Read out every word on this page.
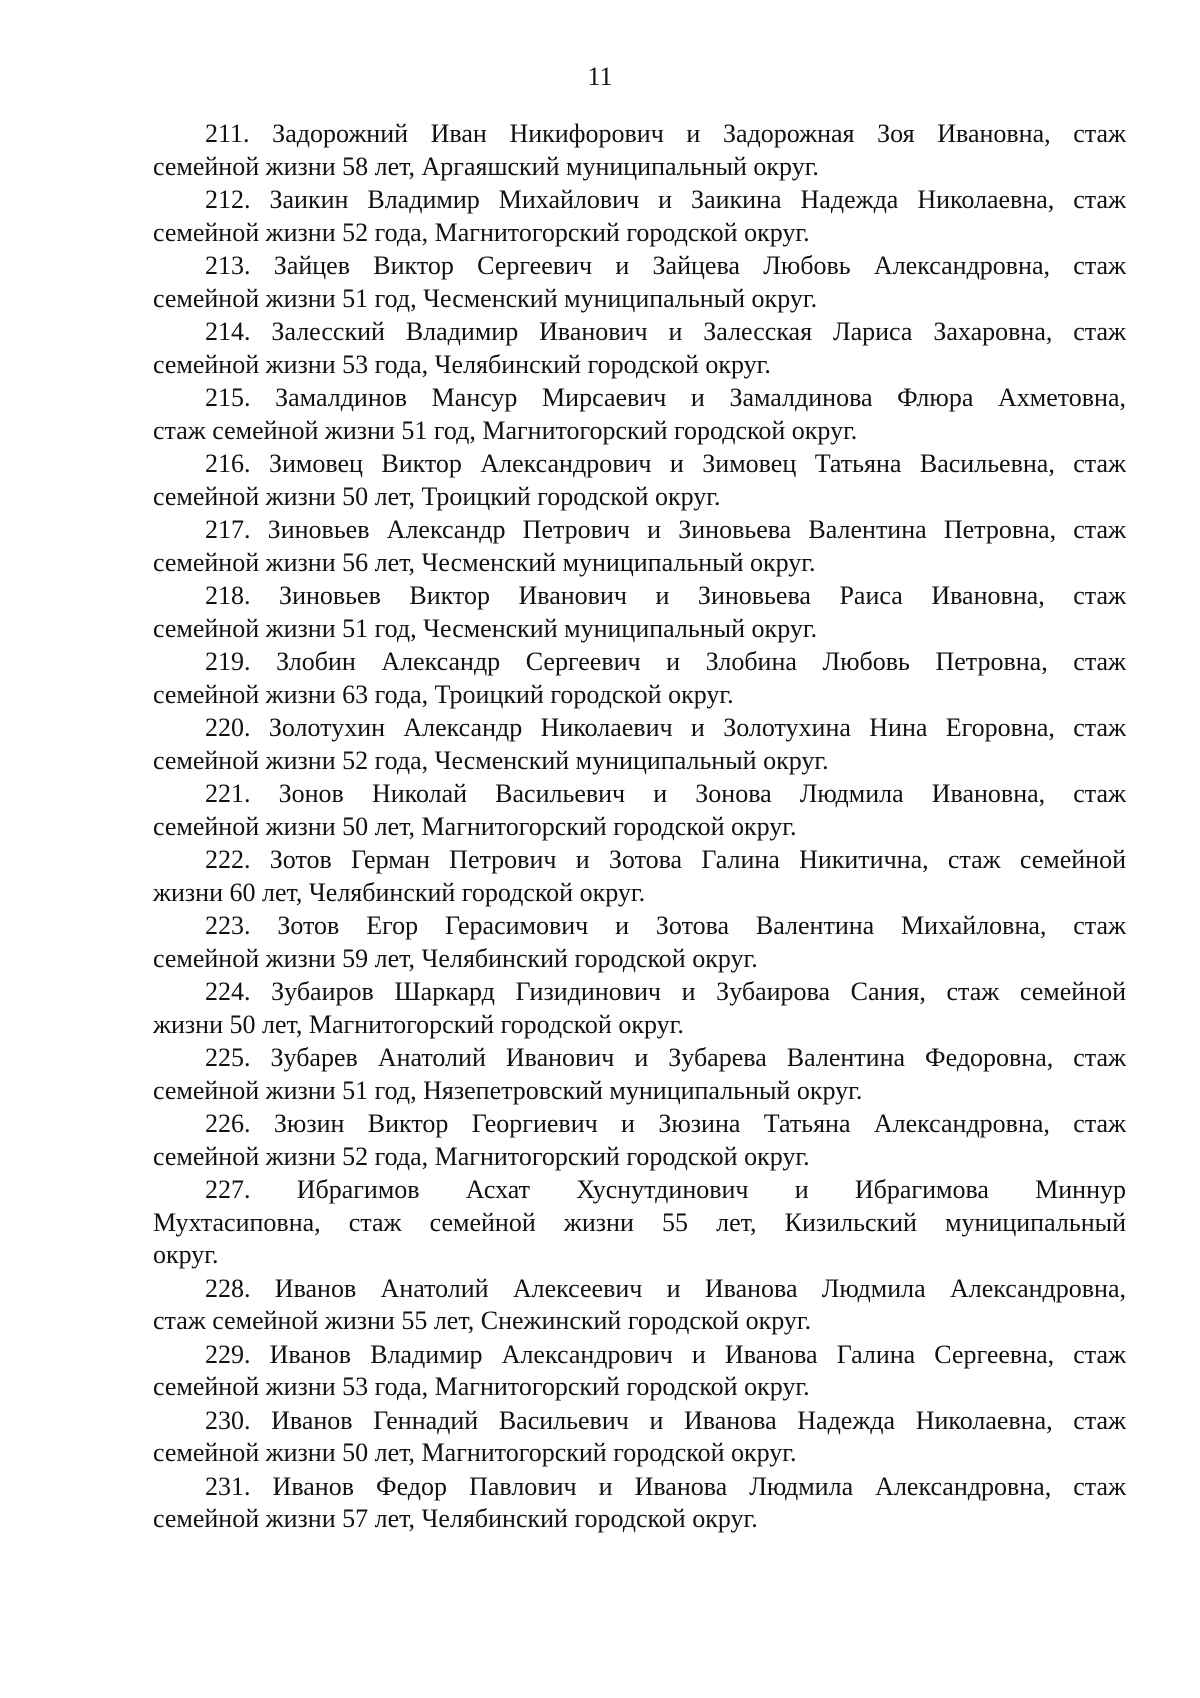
11
211. Задорожний Иван Никифорович и Задорожная Зоя Ивановна, стаж
семейной жизни 58 лет, Аргаяшский муниципальный округ.
212. Заикин Владимир Михайлович и Заикина Надежда Николаевна, стаж
семейной жизни 52 года, Магнитогорский городской округ.
213. Зайцев Виктор Сергеевич и Зайцева Любовь Александровна, стаж
семейной жизни 51 год, Чесменский муниципальный округ.
214. Залесский Владимир Иванович и Залесская Лариса Захаровна, стаж
семейной жизни 53 года, Челябинский городской округ.
215. Замалдинов Мансур Мирсаевич и Замалдинова Флюра Ахметовна,
стаж семейной жизни 51 год, Магнитогорский городской округ.
216. Зимовец Виктор Александрович и Зимовец Татьяна Васильевна, стаж
семейной жизни 50 лет, Троицкий городской округ.
217. Зиновьев Александр Петрович и Зиновьева Валентина Петровна, стаж
семейной жизни 56 лет, Чесменский муниципальный округ.
218. Зиновьев Виктор Иванович и Зиновьева Раиса Ивановна, стаж
семейной жизни 51 год, Чесменский муниципальный округ.
219. Злобин Александр Сергеевич и Злобина Любовь Петровна, стаж
семейной жизни 63 года, Троицкий городской округ.
220. Золотухин Александр Николаевич и Золотухина Нина Егоровна, стаж
семейной жизни 52 года, Чесменский муниципальный округ.
221. Зонов Николай Васильевич и Зонова Людмила Ивановна, стаж
семейной жизни 50 лет, Магнитогорский городской округ.
222. Зотов Герман Петрович и Зотова Галина Никитична, стаж семейной
жизни 60 лет, Челябинский городской округ.
223. Зотов Егор Герасимович и Зотова Валентина Михайловна, стаж
семейной жизни 59 лет, Челябинский городской округ.
224. Зубаиров Шаркард Гизидинович и Зубаирова Сания, стаж семейной
жизни 50 лет, Магнитогорский городской округ.
225. Зубарев Анатолий Иванович и Зубарева Валентина Федоровна, стаж
семейной жизни 51 год, Нязепетровский муниципальный округ.
226. Зюзин Виктор Георгиевич и Зюзина Татьяна Александровна, стаж
семейной жизни 52 года, Магнитогорский городской округ.
227. Ибрагимов Асхат Хуснутдинович и Ибрагимова Миннур
Мухтасиповна, стаж семейной жизни 55 лет, Кизильский муниципальный
округ.
228. Иванов Анатолий Алексеевич и Иванова Людмила Александровна,
стаж семейной жизни 55 лет, Снежинский городской округ.
229. Иванов Владимир Александрович и Иванова Галина Сергеевна, стаж
семейной жизни 53 года, Магнитогорский городской округ.
230. Иванов Геннадий Васильевич и Иванова Надежда Николаевна, стаж
семейной жизни 50 лет, Магнитогорский городской округ.
231. Иванов Федор Павлович и Иванова Людмила Александровна, стаж
семейной жизни 57 лет, Челябинский городской округ.
